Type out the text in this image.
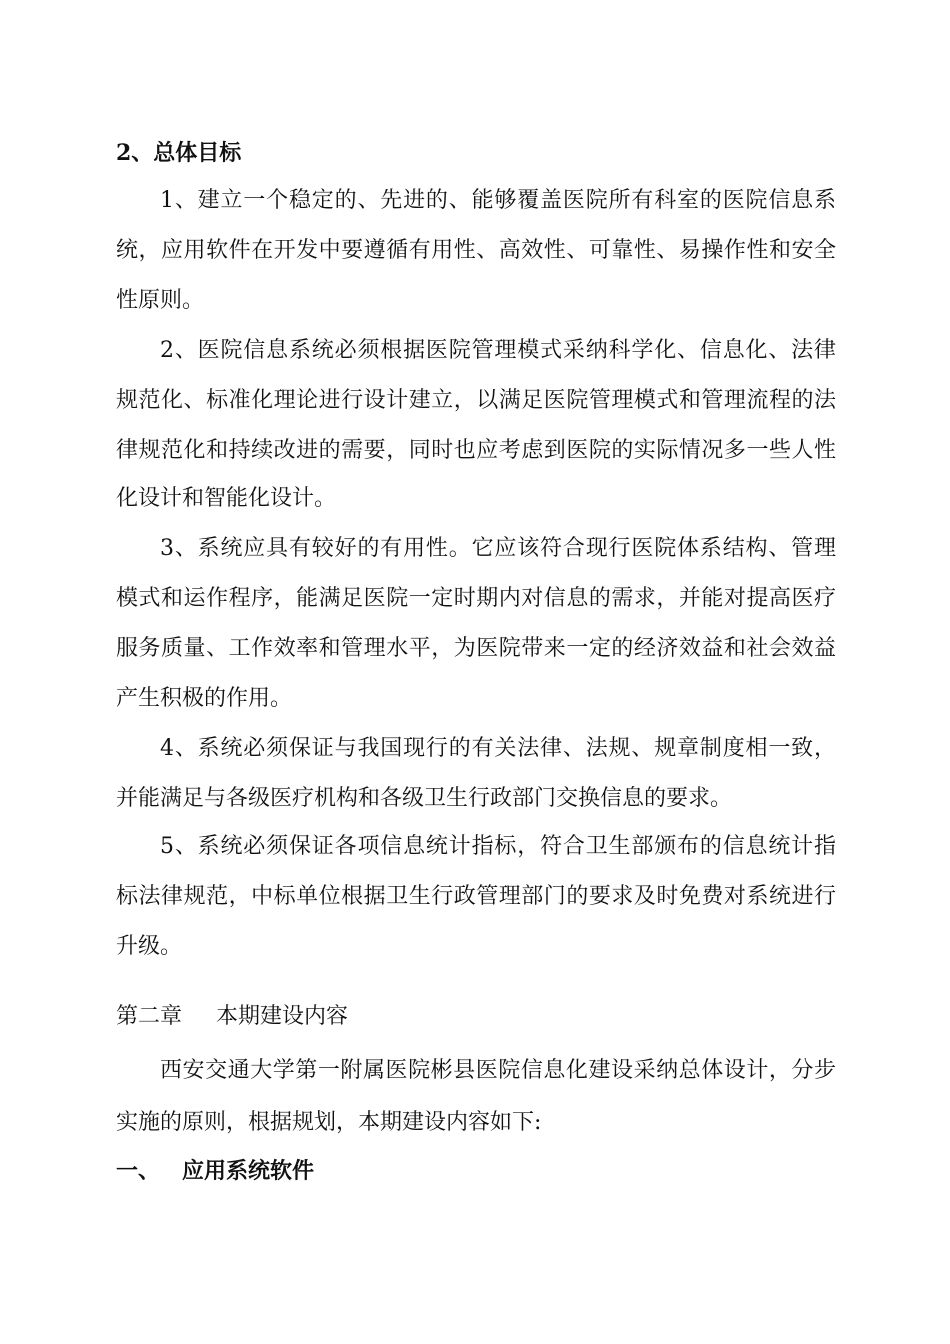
2、总体目标
1、建立一个稳定的、先进的、能够覆盖医院所有科室的医院信息系
统，应用软件在开发中要遵循有用性、高效性、可靠性、易操作性和安全
性原则。
2、医院信息系统必须根据医院管理模式采纳科学化、信息化、法律
规范化、标准化理论进行设计建立，以满足医院管理模式和管理流程的法
律规范化和持续改进的需要，同时也应考虑到医院的实际情况多一些人性
化设计和智能化设计。
3、系统应具有较好的有用性。它应该符合现行医院体系结构、管理
模式和运作程序，能满足医院一定时期内对信息的需求，并能对提高医疗
服务质量、工作效率和管理水平，为医院带来一定的经济效益和社会效益
产生积极的作用。
4、系统必须保证与我国现行的有关法律、法规、规章制度相一致，
并能满足与各级医疗机构和各级卫生行政部门交换信息的要求。
5、系统必须保证各项信息统计指标，符合卫生部颁布的信息统计指
标法律规范，中标单位根据卫生行政管理部门的要求及时免费对系统进行
升级。
第二章 本期建设内容
西安交通大学第一附属医院彬县医院信息化建设采纳总体设计，分步
实施的原则，根据规划，本期建设内容如下:
一、 应用系统软件
